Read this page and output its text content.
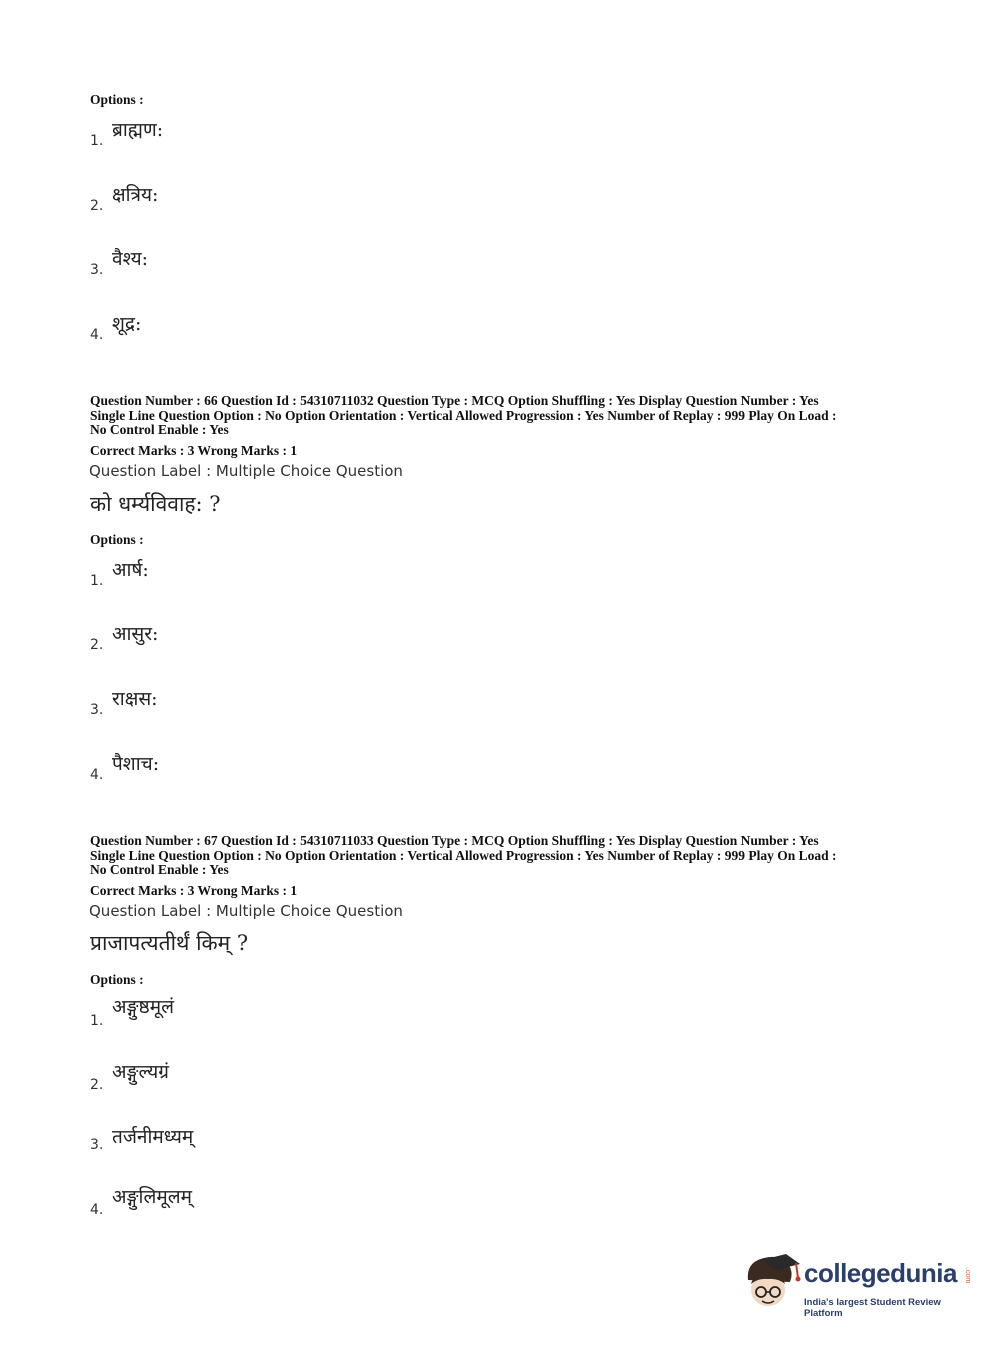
Options :
ब्राह्मण:
1.
क्षत्रिय:
2.
वैश्य:
3.
शूद्र:
4.
Question Number : 66 Question Id : 54310711032 Question Type : MCQ Option Shuffling : Yes Display Question Number : Yes
Single Line Question Option : No Option Orientation : Vertical Allowed Progression : Yes Number of Replay : 999 Play On Load :
No Control Enable : Yes
Correct Marks : 3 Wrong Marks : 1
Question Label : Multiple Choice Question
को धर्म्यविवाह: ?
Options :
आर्ष:
1.
आसुर:
2.
राक्षस:
3.
पैशाच:
4.
Question Number : 67 Question Id : 54310711033 Question Type : MCQ Option Shuffling : Yes Display Question Number : Yes
Single Line Question Option : No Option Orientation : Vertical Allowed Progression : Yes Number of Replay : 999 Play On Load :
No Control Enable : Yes
Correct Marks : 3 Wrong Marks : 1
Question Label : Multiple Choice Question
प्राजापत्यतीर्थं किम् ?
Options :
अङ्गुष्ठमूलं
1.
अङ्गुल्यग्रं
2.
तर्जनीमध्यम्
3.
अङ्गुलिमूलम्
4.
collegedunia .com
India's largest Student Review Platform
